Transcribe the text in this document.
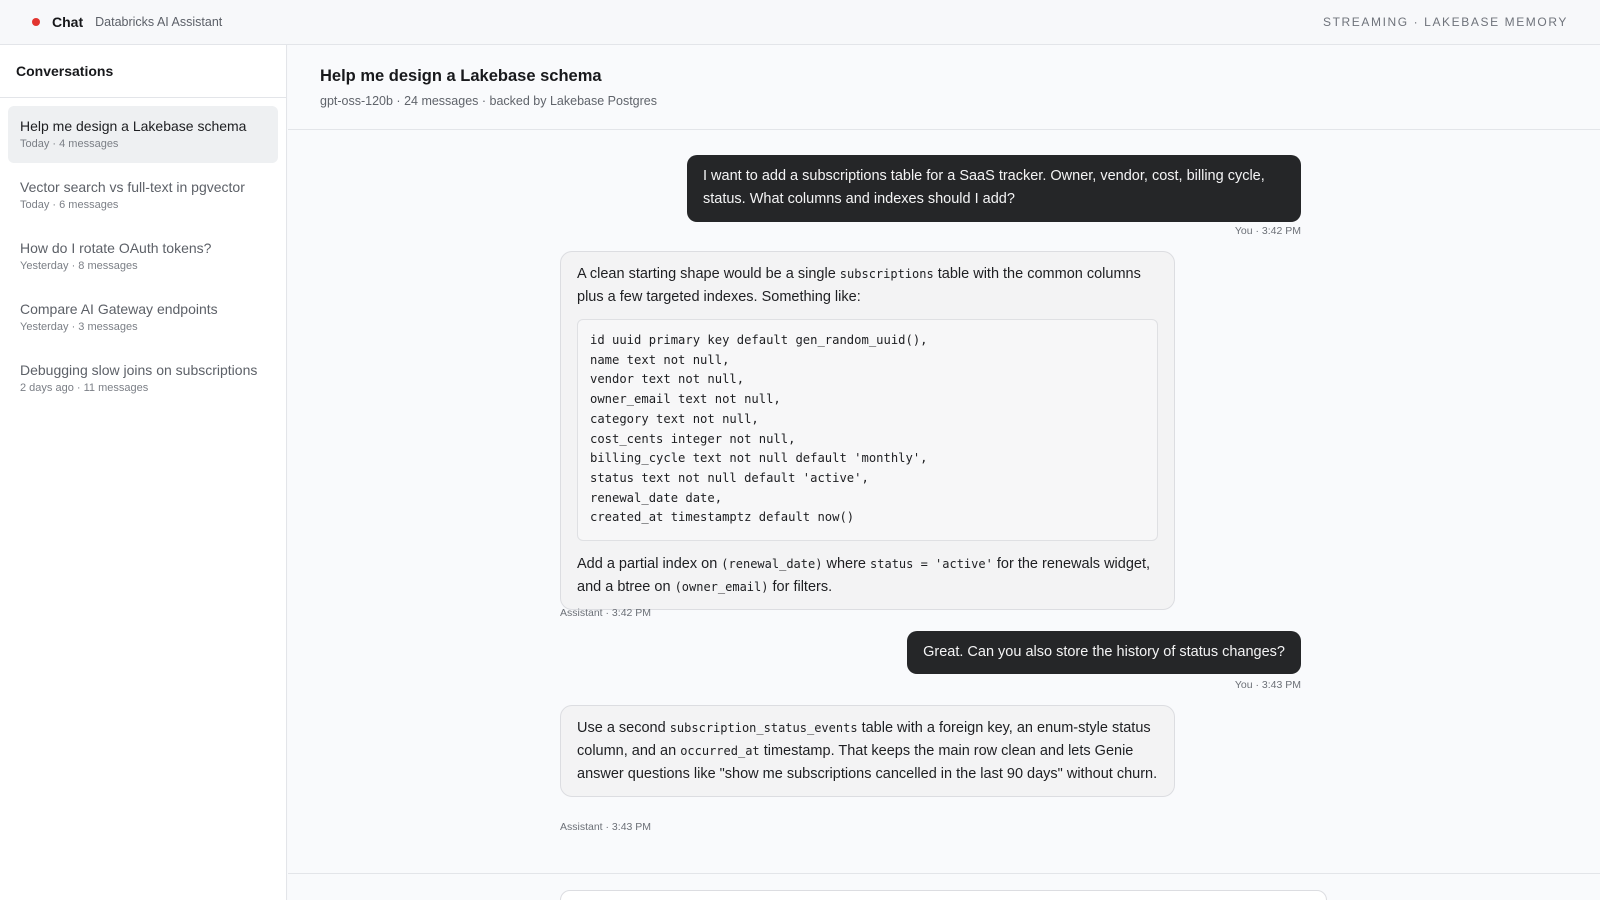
Chat Databricks AI Assistant	STREAMING · LAKEBASE MEMORY
Conversations
Help me design a Lakebase schema
Today · 4 messages
Vector search vs full-text in pgvector
Today · 6 messages
How do I rotate OAuth tokens?
Yesterday · 8 messages
Compare AI Gateway endpoints
Yesterday · 3 messages
Debugging slow joins on subscriptions
2 days ago · 11 messages
Help me design a Lakebase schema
gpt-oss-120b · 24 messages · backed by Lakebase Postgres
I want to add a subscriptions table for a SaaS tracker. Owner, vendor, cost, billing cycle, status. What columns and indexes should I add?
You · 3:42 PM
A clean starting shape would be a single subscriptions table with the common columns plus a few targeted indexes. Something like:
id uuid primary key default gen_random_uuid(),
name text not null,
vendor text not null,
owner_email text not null,
category text not null,
cost_cents integer not null,
billing_cycle text not null default 'monthly',
status text not null default 'active',
renewal_date date,
created_at timestamptz default now()
Add a partial index on (renewal_date) where status = 'active' for the renewals widget, and a btree on (owner_email) for filters.
Assistant · 3:42 PM
Great. Can you also store the history of status changes?
You · 3:43 PM
Use a second subscription_status_events table with a foreign key, an enum-style status column, and an occurred_at timestamp. That keeps the main row clean and lets Genie answer questions like "show me subscriptions cancelled in the last 90 days" without churn.
Assistant · 3:43 PM
